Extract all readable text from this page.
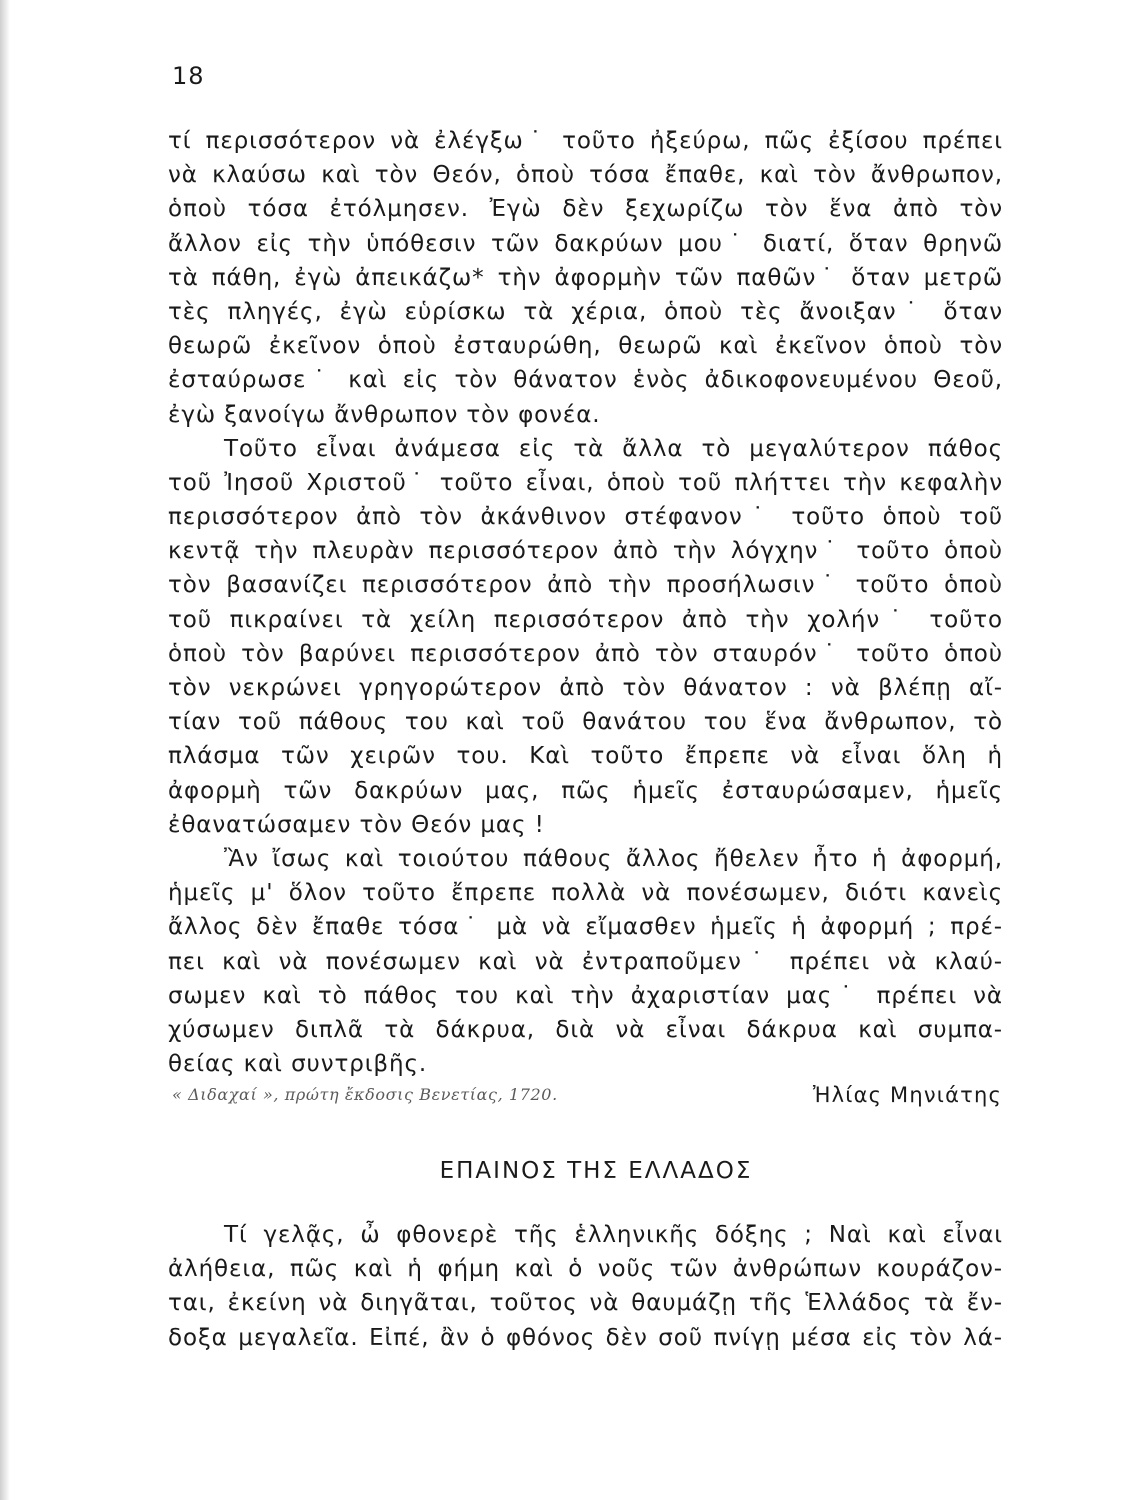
18
τί περισσότερον νὰ ἐλέγξω˙ τοῦτο ἠξεύρω, πῶς ἐξίσου πρέπει
νὰ κλαύσω καὶ τὸν Θεόν, ὁποὺ τόσα ἔπαθε, καὶ τὸν ἄνθρωπον,
ὁποὺ τόσα ἐτόλμησεν. Ἐγὼ δὲν ξεχωρίζω τὸν ἕνα ἀπὸ τὸν
ἄλλον εἰς τὴν ὑπόθεσιν τῶν δακρύων μου˙ διατί, ὅταν θρηνῶ
τὰ πάθη, ἐγὼ ἀπεικάζω* τὴν ἀφορμὴν τῶν παθῶν˙ ὅταν μετρῶ
τὲς πληγές, ἐγὼ εὑρίσκω τὰ χέρια, ὁποὺ τὲς ἄνοιξαν˙ ὅταν
θεωρῶ ἐκεῖνον ὁποὺ ἐσταυρώθη, θεωρῶ καὶ ἐκεῖνον ὁποὺ τὸν
ἐσταύρωσε˙ καὶ εἰς τὸν θάνατον ἑνὸς ἀδικοφονευμένου Θεοῦ,
ἐγὼ ξανοίγω ἄνθρωπον τὸν φονέα.
Τοῦτο εἶναι ἀνάμεσα εἰς τὰ ἄλλα τὸ μεγαλύτερον πάθος
τοῦ Ἰησοῦ Χριστοῦ˙ τοῦτο εἶναι, ὁποὺ τοῦ πλήττει τὴν κεφαλὴν
περισσότερον ἀπὸ τὸν ἀκάνθινον στέφανον˙ τοῦτο ὁποὺ τοῦ
κεντᾷ τὴν πλευρὰν περισσότερον ἀπὸ τὴν λόγχην˙ τοῦτο ὁποὺ
τὸν βασανίζει περισσότερον ἀπὸ τὴν προσήλωσιν˙ τοῦτο ὁποὺ
τοῦ πικραίνει τὰ χείλη περισσότερον ἀπὸ τὴν χολήν˙ τοῦτο
ὁποὺ τὸν βαρύνει περισσότερον ἀπὸ τὸν σταυρόν˙ τοῦτο ὁποὺ
τὸν νεκρώνει γρηγορώτερον ἀπὸ τὸν θάνατον : νὰ βλέπῃ αἴ-
τίαν τοῦ πάθους του καὶ τοῦ θανάτου του ἕνα ἄνθρωπον, τὸ
πλάσμα τῶν χειρῶν του. Καὶ τοῦτο ἔπρεπε νὰ εἶναι ὅλη ἡ
ἀφορμὴ τῶν δακρύων μας, πῶς ἡμεῖς ἐσταυρώσαμεν, ἡμεῖς
ἐθανατώσαμεν τὸν Θεόν μας !
Ἂν ἴσως καὶ τοιούτου πάθους ἄλλος ἤθελεν ἦτο ἡ ἀφορμή,
ἡμεῖς μ' ὅλον τοῦτο ἔπρεπε πολλὰ νὰ πονέσωμεν, διότι κανεὶς
ἄλλος δὲν ἔπαθε τόσα˙ μὰ νὰ εἴμασθεν ἡμεῖς ἡ ἀφορμή ; πρέ-
πει καὶ νὰ πονέσωμεν καὶ νὰ ἐντραποῦμεν˙ πρέπει νὰ κλαύ-
σωμεν καὶ τὸ πάθος του καὶ τὴν ἀχαριστίαν μας˙ πρέπει νὰ
χύσωμεν διπλᾶ τὰ δάκρυα, διὰ νὰ εἶναι δάκρυα καὶ συμπα-
θείας καὶ συντριβῆς.
« Διδαχαί », πρώτη ἔκδοσις Βενετίας, 1720.	Ἠλίας Μηνιάτης
ΕΠΑΙΝΟΣ ΤΗΣ ΕΛΛΑΔΟΣ
Τί γελᾷς, ὦ φθονερὲ τῆς ἑλληνικῆς δόξης ; Ναὶ καὶ εἶναι
ἀλήθεια, πῶς καὶ ἡ φήμη καὶ ὁ νοῦς τῶν ἀνθρώπων κουράζον-
ται, ἐκείνη νὰ διηγᾶται, τοῦτος νὰ θαυμάζῃ τῆς Ἑλλάδος τὰ ἔν-
δοξα μεγαλεῖα. Εἰπέ, ἂν ὁ φθόνος δὲν σοῦ πνίγῃ μέσα εἰς τὸν λά-
